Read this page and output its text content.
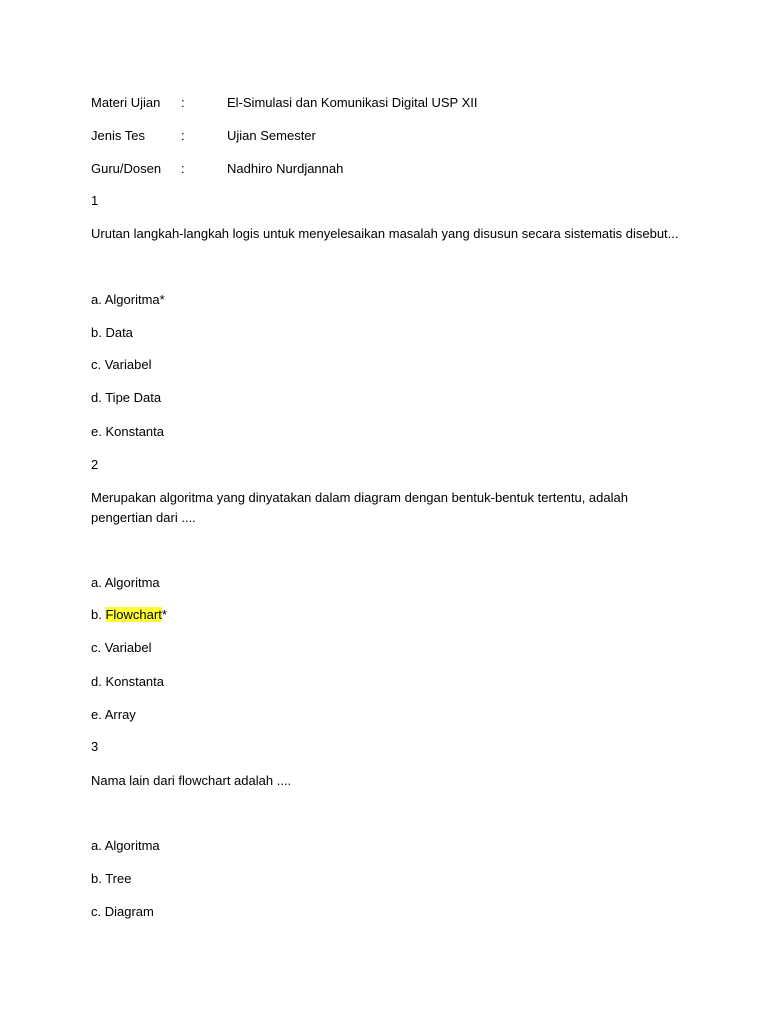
Materi Ujian :	El-Simulasi dan Komunikasi Digital USP XII
Jenis Tes	:	Ujian Semester
Guru/Dosen :	Nadhiro Nurdjannah
1
Urutan langkah-langkah logis untuk menyelesaikan masalah yang disusun secara sistematis disebut...
a. Algoritma*
b. Data
c. Variabel
d. Tipe Data
e. Konstanta
2
Merupakan algoritma yang dinyatakan dalam diagram dengan bentuk-bentuk tertentu, adalah pengertian dari ....
a. Algoritma
b. Flowchart*
c. Variabel
d. Konstanta
e. Array
3
Nama lain dari flowchart adalah ....
a. Algoritma
b. Tree
c. Diagram
